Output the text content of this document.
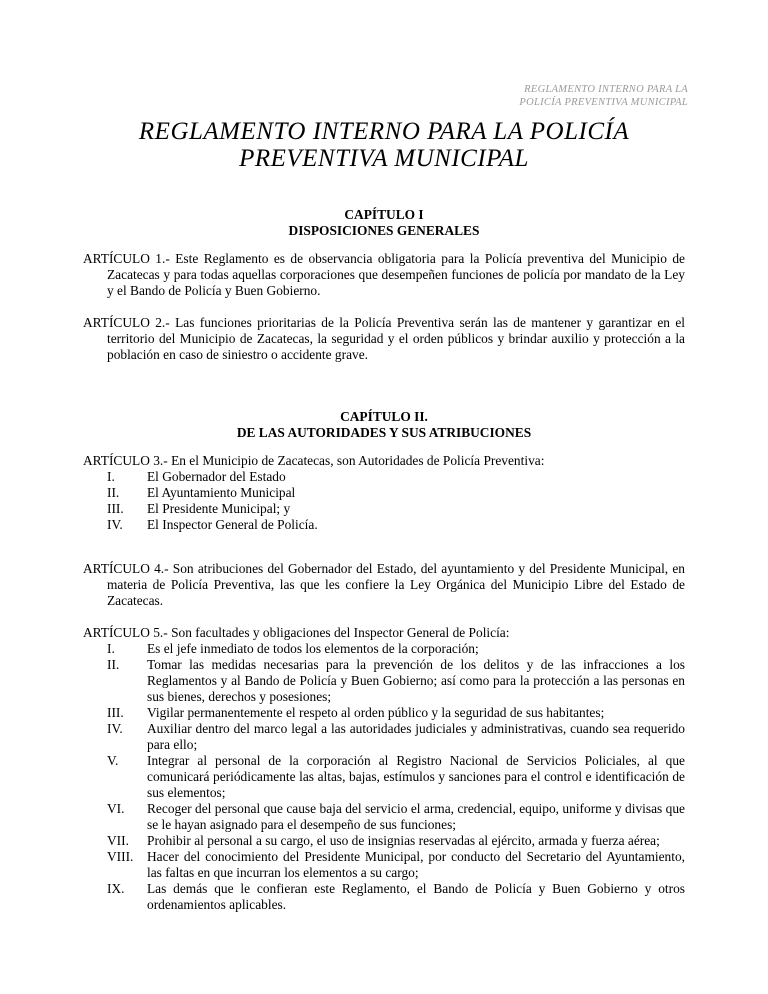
REGLAMENTO INTERNO PARA LA
POLICÍA PREVENTIVA MUNICIPAL
REGLAMENTO INTERNO PARA LA POLICÍA
PREVENTIVA MUNICIPAL
CAPÍTULO I
DISPOSICIONES GENERALES

ARTÍCULO 1.- Este Reglamento es de observancia obligatoria para la Policía preventiva del Municipio de Zacatecas y para todas aquellas corporaciones que desempeñen funciones de policía por mandato de la Ley y el Bando de Policía y Buen Gobierno.

ARTÍCULO 2.- Las funciones prioritarias de la Policía Preventiva serán las de mantener y garantizar en el territorio del Municipio de Zacatecas, la seguridad y el orden públicos y brindar auxilio y protección a la población en caso de siniestro o accidente grave.

CAPÍTULO II.
DE LAS AUTORIDADES Y SUS ATRIBUCIONES

ARTÍCULO 3.- En el Municipio de Zacatecas, son Autoridades de Policía Preventiva:

I.	El Gobernador del Estado
II.	El Ayuntamiento Municipal
III.	El Presidente Municipal; y
IV.	El Inspector General de Policía.

ARTÍCULO 4.- Son atribuciones del Gobernador del Estado, del ayuntamiento y del Presidente Municipal, en materia de Policía Preventiva, las que les confiere la Ley Orgánica del Municipio Libre del Estado de Zacatecas.

ARTÍCULO 5.- Son facultades y obligaciones del Inspector General de Policía:

I.	Es el jefe inmediato de todos los elementos de la corporación;
II.	Tomar las medidas necesarias para la prevención de los delitos y de las infracciones a los Reglamentos y al Bando de Policía y Buen Gobierno; así como para la protección a las personas en sus bienes, derechos y posesiones;
III.	Vigilar permanentemente el respeto al orden público y la seguridad de sus habitantes;
IV.	Auxiliar dentro del marco legal a las autoridades judiciales y administrativas, cuando sea requerido para ello;
V.	Integrar al personal de la corporación al Registro Nacional de Servicios Policiales, al que comunicará periódicamente las altas, bajas, estímulos y sanciones para el control e identificación de sus elementos;
VI.	Recoger del personal que cause baja del servicio el arma, credencial, equipo, uniforme y divisas que se le hayan asignado para el desempeño de sus funciones;
VII.	Prohibir al personal a su cargo, el uso de insignias reservadas al ejército, armada y fuerza aérea;
VIII.	Hacer del conocimiento del Presidente Municipal, por conducto del Secretario del Ayuntamiento, las faltas en que incurran los elementos a su cargo;
IX.	Las demás que le confieran este Reglamento, el Bando de Policía y Buen Gobierno y otros ordenamientos aplicables.
